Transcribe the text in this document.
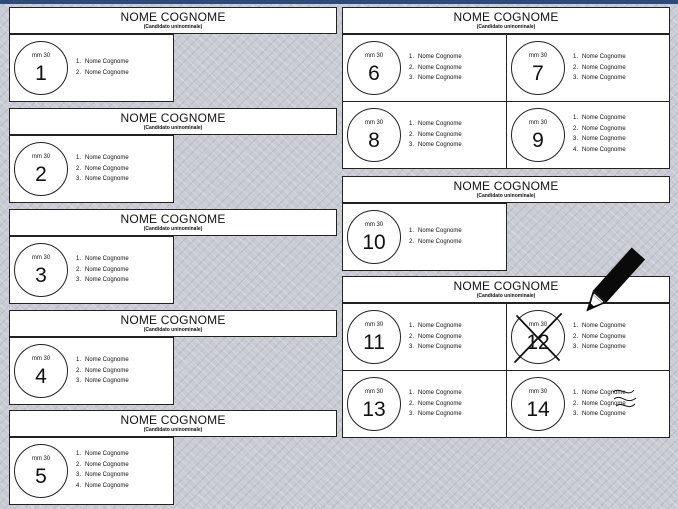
NOME COGNOME
(Candidato uninominale)
mm 30
1	1. Nome Cognome
2. Nome Cognome
NOME COGNOME
(Candidato uninominale)
mm 30
2
1. Nome Cognome
2. Nome Cognome
3. Nome Cognome
NOME COGNOME
(Candidato uninominale)
mm 30
3
1. Nome Cognome
2. Nome Cognome
3. Nome Cognome
NOME COGNOME
(Candidato uninominale)
mm 30
4
1. Nome Cognome
2. Nome Cognome
3. Nome Cognome
NOME COGNOME
(Candidato uninominale)
mm 30
5
1. Nome Cognome
2. Nome Cognome
3. Nome Cognome
4. Nome Cognome
NOME COGNOME
(Candidato uninominale)
mm 30
6
1. Nome Cognome
2. Nome Cognome
3. Nome Cognome
mm 30
7
1. Nome Cognome
2. Nome Cognome
3. Nome Cognome
mm 30
8
1. Nome Cognome
2. Nome Cognome
3. Nome Cognome
mm 30
9
1. Nome Cognome
2. Nome Cognome
3. Nome Cognome
4. Nome Cognome
NOME COGNOME
(Candidato uninominale)
mm 30
10	1. Nome Cognome
2. Nome Cognome
NOME COGNOME
(Candidato uninominale)
mm 30
11
1. Nome Cognome
2. Nome Cognome
3. Nome Cognome
mm 30
12
1. Nome Cognome
2. Nome Cognome
3. Nome Cognome
mm 30
13
1. Nome Cognome
2. Nome Cognome
3. Nome Cognome
mm 30
14
1. Nome Cognome
2. Nome Cognome
3. Nome Cognome
